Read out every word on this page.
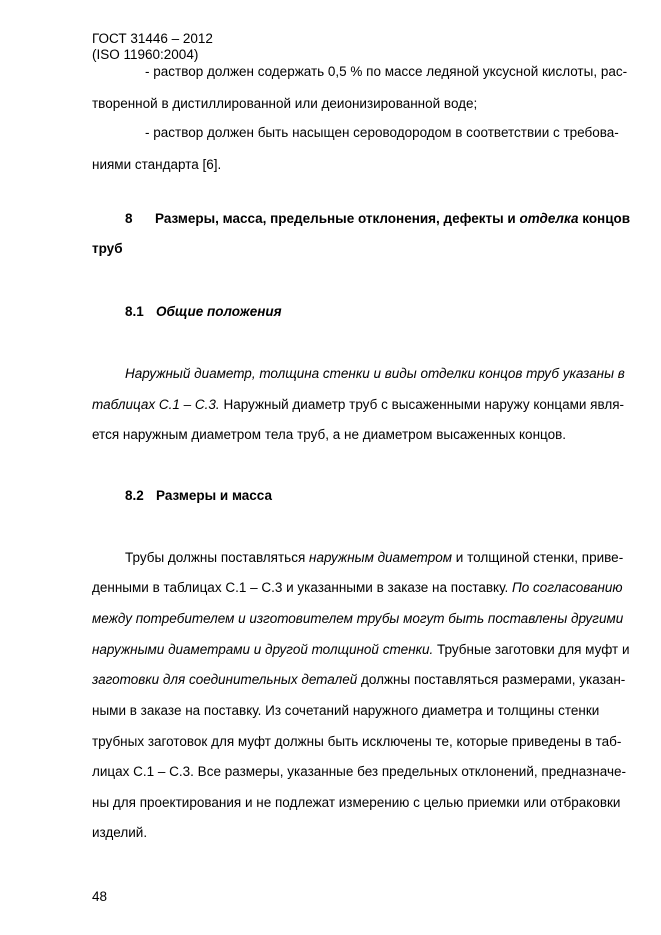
ГОСТ 31446 – 2012
(ISO 11960:2004)
- раствор должен содержать 0,5 % по массе ледяной уксусной кислоты, рас-
творенной в дистиллированной или деионизированной воде;
- раствор должен быть насыщен сероводородом в соответствии с требова-
ниями стандарта [6].
8 Размеры, масса, предельные отклонения, дефекты и отделка концов
труб
8.1 Общие положения
Наружный диаметр, толщина стенки и виды отделки концов труб указаны в
таблицах С.1 – С.3. Наружный диаметр труб с высаженными наружу концами явля-
ется наружным диаметром тела труб, а не диаметром высаженных концов.
8.2 Размеры и масса
Трубы должны поставляться наружным диаметром и толщиной стенки, приве-
денными в таблицах С.1 – С.3 и указанными в заказе на поставку. По согласованию
между потребителем и изготовителем трубы могут быть поставлены другими
наружными диаметрами и другой толщиной стенки. Трубные заготовки для муфт и
заготовки для соединительных деталей должны поставляться размерами, указан-
ными в заказе на поставку. Из сочетаний наружного диаметра и толщины стенки
трубных заготовок для муфт должны быть исключены те, которые приведены в таб-
лицах С.1 – С.3. Все размеры, указанные без предельных отклонений, предназначе-
ны для проектирования и не подлежат измерению с целью приемки или отбраковки
изделий.
48
